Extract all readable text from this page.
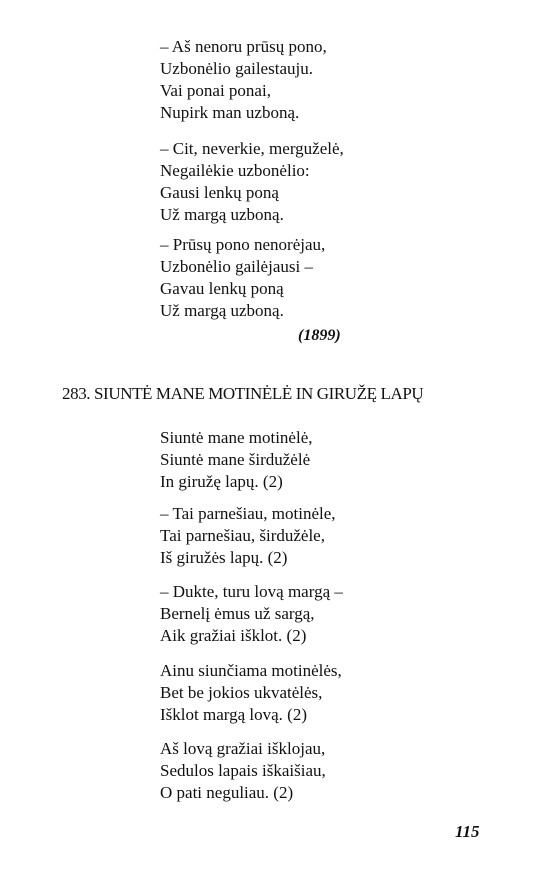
– Aš nenoru prūsų pono,
Uzbonėlio gailestauju.
Vai ponai ponai,
Nupirk man uzboną.
– Cit, neverkie, merguželė,
Negailėkie uzbonėlio:
Gausi lenkų poną
Už margą uzboną.
– Prūsų pono nenorėjau,
Uzbonėlio gailėjausi –
Gavau lenkų poną
Už margą uzboną.
(1899)
283. SIUNTĖ MANE MOTINĖLĖ IN GIRUŽĘ LAPŲ
Siuntė mane motinėlė,
Siuntė mane širdužėlė
In giružę lapų. (2)
– Tai parnešiau, motinėle,
Tai parnešiau, širdužėle,
Iš giružės lapų. (2)
– Dukte, turu lovą margą –
Bernelį ėmus už sargą,
Aik gražiai išklot. (2)
Ainu siunčiama motinėlės,
Bet be jokios ukvatėlės,
Išklot margą lovą. (2)
Aš lovą gražiai išklojau,
Sedulos lapais iškaišiau,
O pati neguliau. (2)
115
